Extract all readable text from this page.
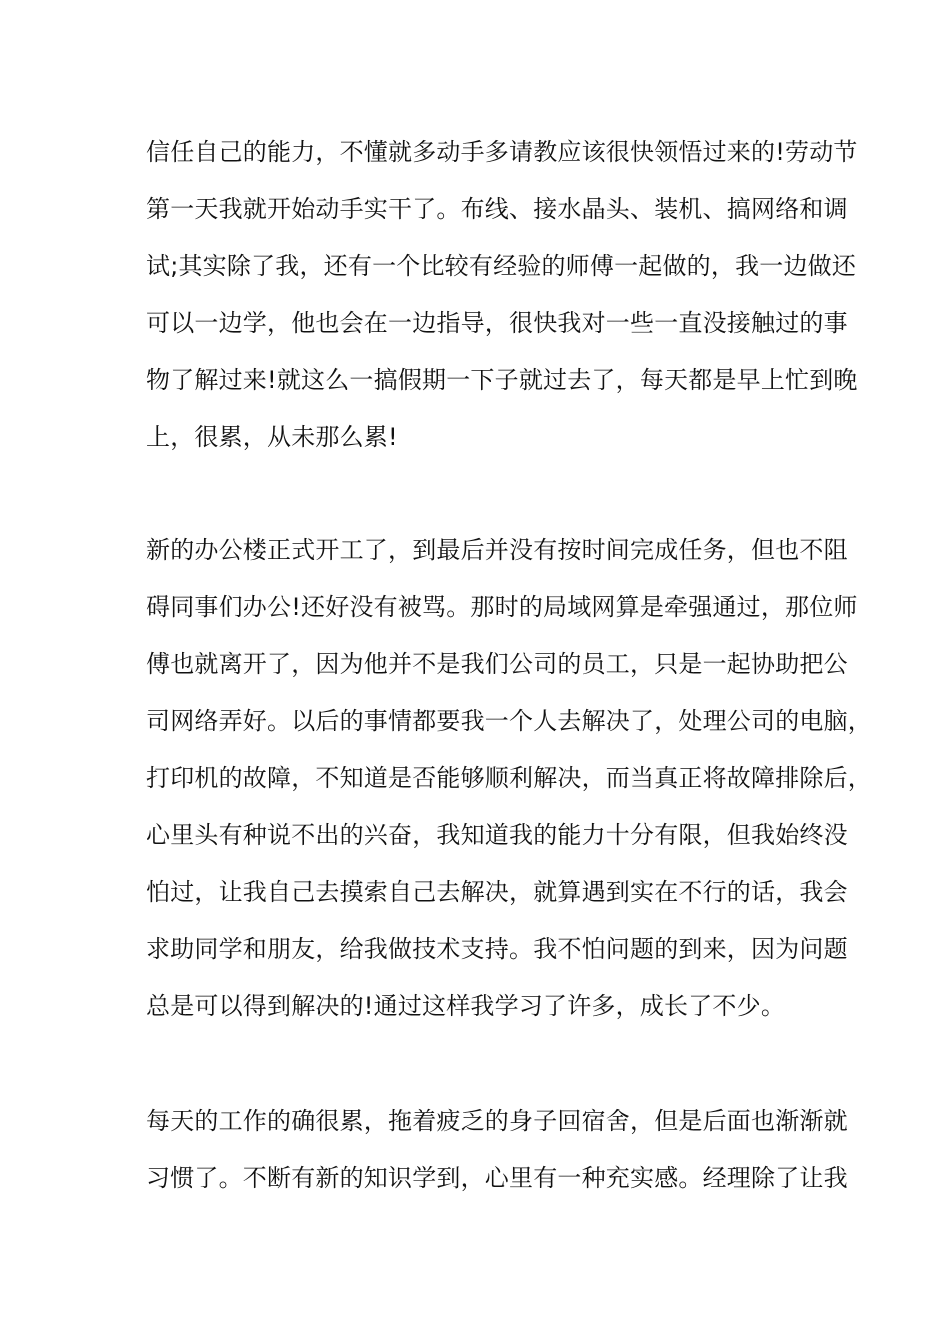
信任自己的能力，不懂就多动手多请教应该很快领悟过来的!劳动节
第一天我就开始动手实干了。布线、接水晶头、装机、搞网络和调
试;其实除了我，还有一个比较有经验的师傅一起做的，我一边做还
可以一边学，他也会在一边指导，很快我对一些一直没接触过的事
物了解过来!就这么一搞假期一下子就过去了，每天都是早上忙到晚
上，很累，从未那么累!
新的办公楼正式开工了，到最后并没有按时间完成任务，但也不阻
碍同事们办公!还好没有被骂。那时的局域网算是牵强通过，那位师
傅也就离开了，因为他并不是我们公司的员工，只是一起协助把公
司网络弄好。以后的事情都要我一个人去解决了，处理公司的电脑，
打印机的故障，不知道是否能够顺利解决，而当真正将故障排除后，
心里头有种说不出的兴奋，我知道我的能力十分有限，但我始终没
怕过，让我自己去摸索自己去解决，就算遇到实在不行的话，我会
求助同学和朋友，给我做技术支持。我不怕问题的到来，因为问题
总是可以得到解决的!通过这样我学习了许多，成长了不少。
每天的工作的确很累，拖着疲乏的身子回宿舍，但是后面也渐渐就
习惯了。不断有新的知识学到，心里有一种充实感。经理除了让我
